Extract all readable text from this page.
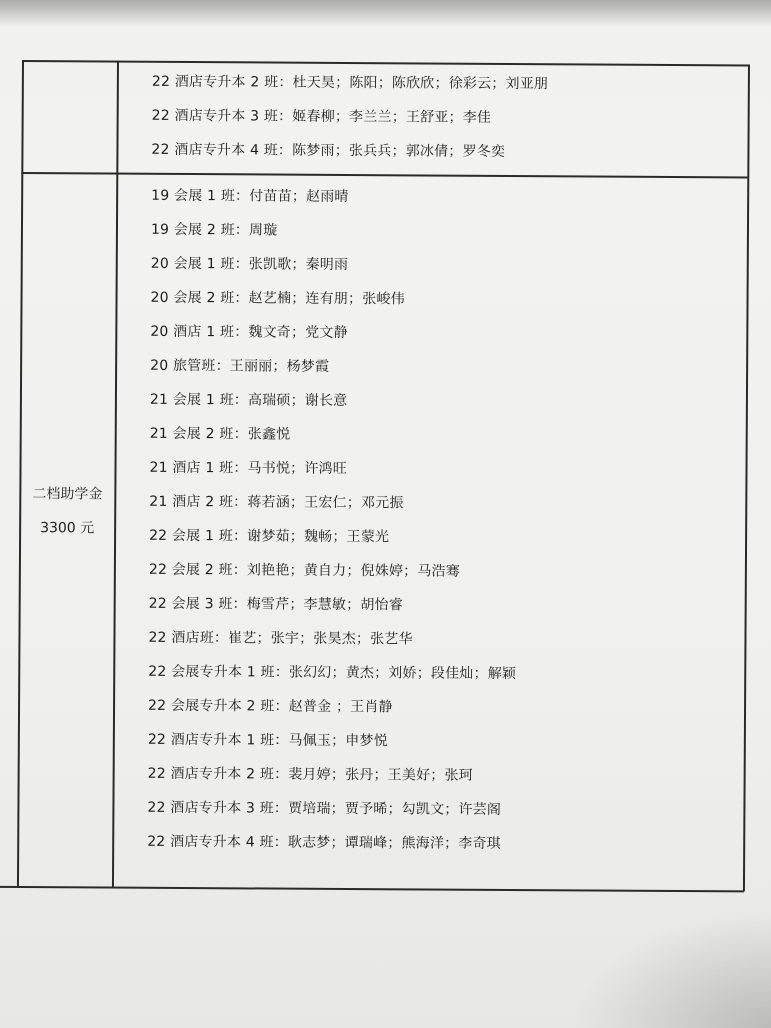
22 酒店专升本 2 班：杜天昊；陈阳；陈欣欣；徐彩云；刘亚朋
22 酒店专升本 3 班：姬春柳；李兰兰；王舒亚；李佳
22 酒店专升本 4 班：陈梦雨；张兵兵；郭冰倩；罗冬奕
二档助学金
3300 元
19 会展 1 班：付苗苗；赵雨晴
19 会展 2 班：周璇
20 会展 1 班：张凯歌；秦明雨
20 会展 2 班：赵艺楠；连有朋；张峻伟
20 酒店 1 班：魏文奇；党文静
20 旅管班：王丽丽；杨梦霞
21 会展 1 班：高瑞硕；谢长意
21 会展 2 班：张鑫悦
21 酒店 1 班：马书悦；许鸿旺
21 酒店 2 班：蒋若涵；王宏仁；邓元振
22 会展 1 班：谢梦茹；魏畅；王蒙光
22 会展 2 班：刘艳艳；黄自力；倪姝婷；马浩骞
22 会展 3 班：梅雪芹；李慧敏；胡怡睿
22 酒店班：崔艺；张宇；张昊杰；张艺华
22 会展专升本 1 班：张幻幻；黄杰；刘娇；段佳灿；解颖
22 会展专升本 2 班：赵普金 ；王肖静
22 酒店专升本 1 班：马佩玉；申梦悦
22 酒店专升本 2 班：裴月婷；张丹；王美好；张珂
22 酒店专升本 3 班：贾培瑞；贾予晞；勾凯文；许芸阁
22 酒店专升本 4 班：耿志梦；谭瑞峰；熊海洋；李奇琪
